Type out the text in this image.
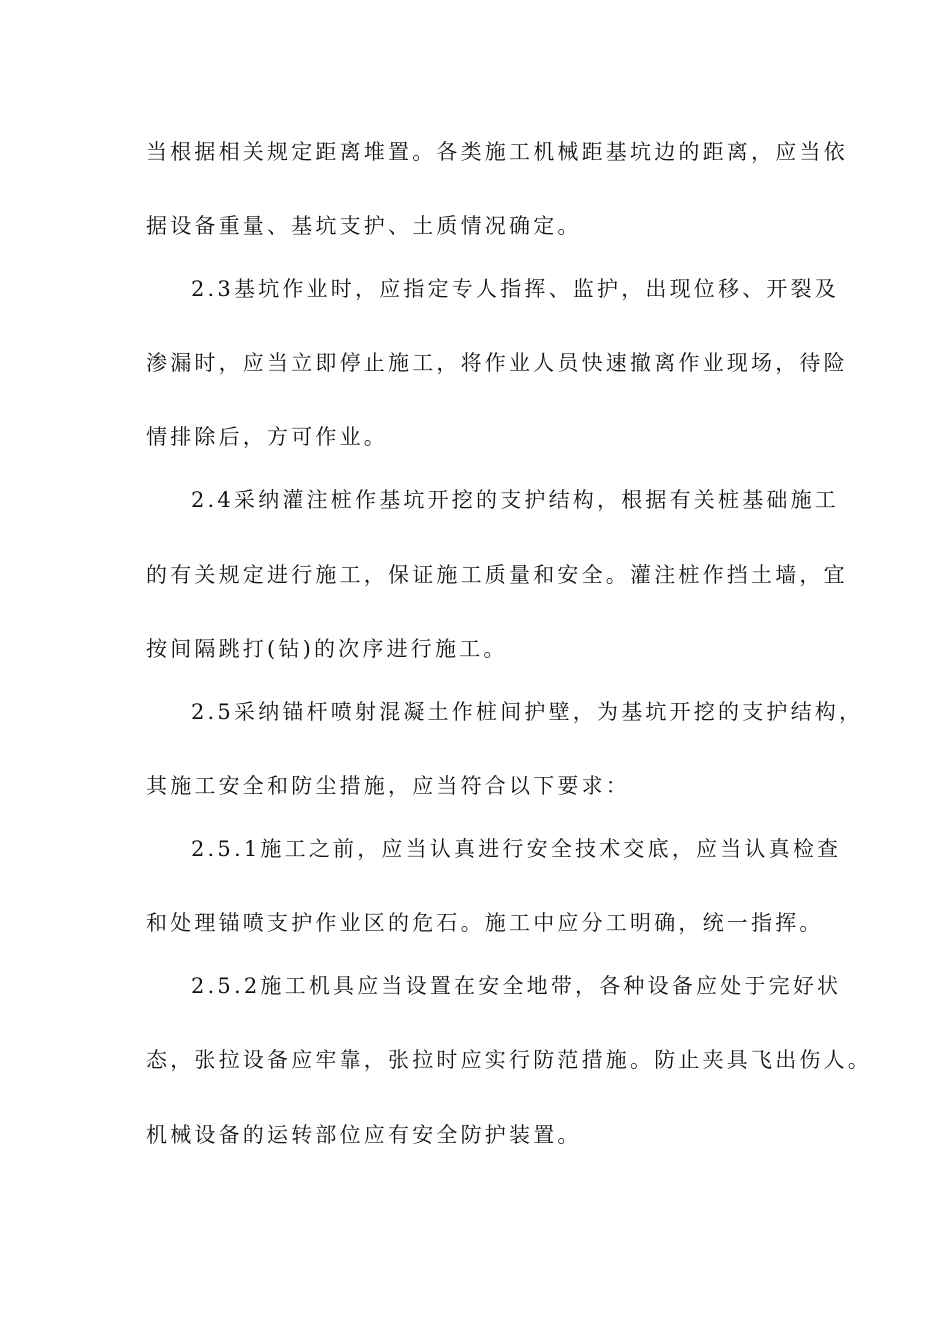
当根据相关规定距离堆置。各类施工机械距基坑边的距离，应当依
据设备重量、基坑支护、土质情况确定。
2.3基坑作业时，应指定专人指挥、监护，出现位移、开裂及
渗漏时，应当立即停止施工，将作业人员快速撤离作业现场，待险
情排除后，方可作业。
2.4采纳灌注桩作基坑开挖的支护结构，根据有关桩基础施工
的有关规定进行施工，保证施工质量和安全。灌注桩作挡土墙，宜
按间隔跳打(钻)的次序进行施工。
2.5采纳锚杆喷射混凝土作桩间护壁，为基坑开挖的支护结构，
其施工安全和防尘措施，应当符合以下要求：
2.5.1施工之前，应当认真进行安全技术交底，应当认真检查
和处理锚喷支护作业区的危石。施工中应分工明确，统一指挥。
2.5.2施工机具应当设置在安全地带，各种设备应处于完好状
态，张拉设备应牢靠，张拉时应实行防范措施。防止夹具飞出伤人。
机械设备的运转部位应有安全防护装置。
